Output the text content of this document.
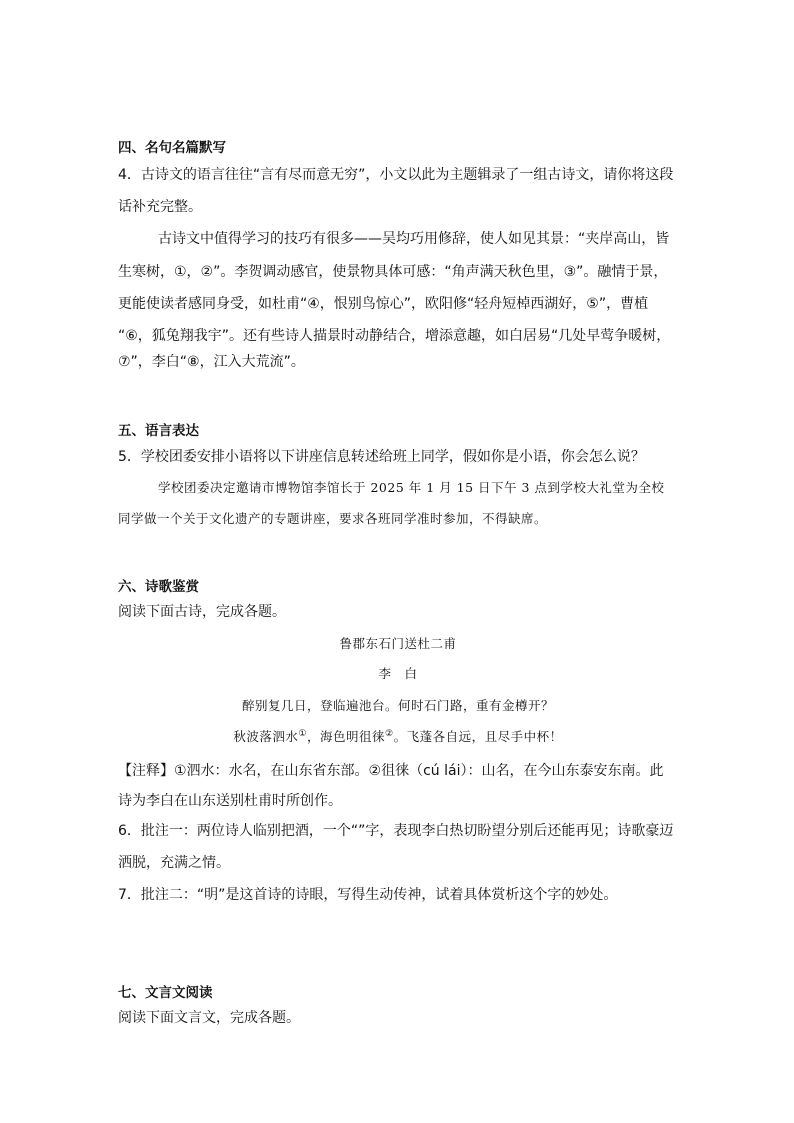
四、名句名篇默写
4．古诗文的语言往往“言有尽而意无穷”，小文以此为主题辑录了一组古诗文，请你将这段
话补充完整。
古诗文中值得学习的技巧有很多——吴均巧用修辞，使人如见其景：“夹岸高山，皆
生寒树，①，②”。李贺调动感官，使景物具体可感：“角声满天秋色里，③”。融情于景，
更能使读者感同身受，如杜甫“④，恨别鸟惊心”，欧阳修“轻舟短棹西湖好，⑤”，曹植
“⑥，狐兔翔我宇”。还有些诗人描景时动静结合，增添意趣，如白居易“几处早莺争暖树，
⑦”，李白“⑧，江入大荒流”。
五、语言表达
5．学校团委安排小语将以下讲座信息转述给班上同学，假如你是小语，你会怎么说？
学校团委决定邀请市博物馆李馆长于 2025 年 1 月 15 日下午 3 点到学校大礼堂为全校
同学做一个关于文化遗产的专题讲座，要求各班同学准时参加，不得缺席。
六、诗歌鉴赏
阅读下面古诗，完成各题。
鲁郡东石门送杜二甫
李　白
醉别复几日，登临遍池台。何时石门路，重有金樽开？
秋波落泗水①，海色明徂徕②。飞蓬各自远，且尽手中杯！
【注释】①泗水：水名，在山东省东部。②徂徕（cú lái）：山名，在今山东泰安东南。此
诗为李白在山东送别杜甫时所创作。
6．批注一：两位诗人临别把酒，一个“”字，表现李白热切盼望分别后还能再见；诗歌豪迈
洒脱，充满之情。
7．批注二：“明”是这首诗的诗眼，写得生动传神，试着具体赏析这个字的妙处。
七、文言文阅读
阅读下面文言文，完成各题。
